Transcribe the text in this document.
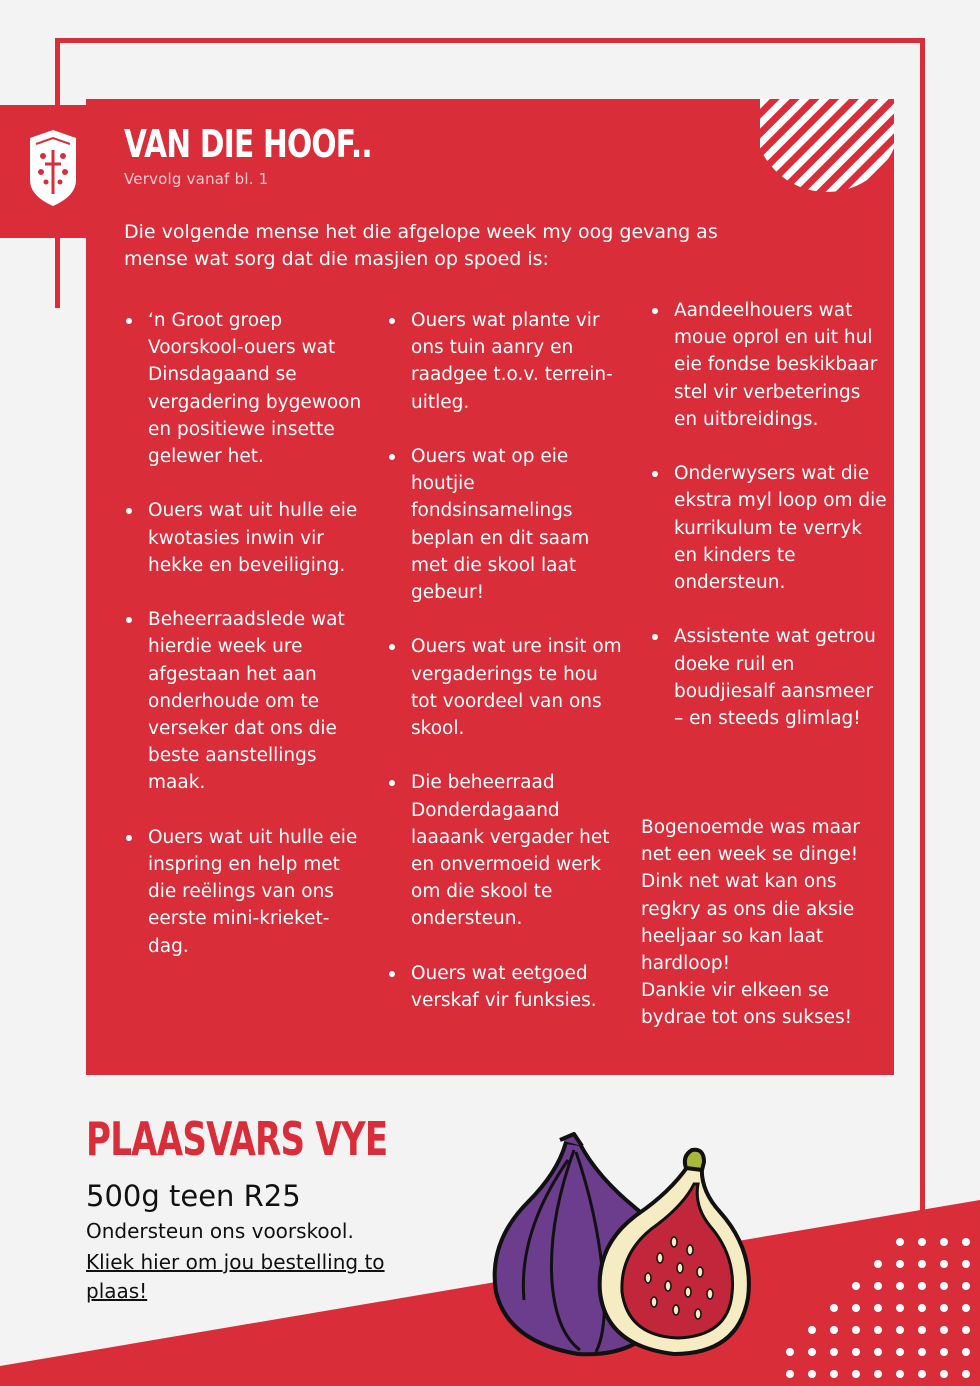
VAN DIE HOOF..
Vervolg vanaf bl. 1
Die volgende mense het die afgelope week my oog gevang as mense wat sorg dat die masjien op spoed is:
‘n Groot groep Voorskool-ouers wat Dinsdagaand se vergadering bygewoon en positiewe insette gelewer het.
Ouers wat uit hulle eie kwotasies inwin vir hekke en beveiliging.
Beheerraadslede wat hierdie week ure afgestaan het aan onderhoude om te verseker dat ons die beste aanstellings maak.
Ouers wat uit hulle eie inspring en help met die reëlings van ons eerste mini-krieket-dag.
Ouers wat plante vir ons tuin aanry en raadgee t.o.v. terrein-uitleg.
Ouers wat op eie houtjie fondsinsamelings beplan en dit saam met die skool laat gebeur!
Ouers wat ure insit om vergaderings te hou tot voordeel van ons skool.
Die beheerraad Donderdagaand laaaank vergader het en onvermoeid werk om die skool te ondersteun.
Ouers wat eetgoed verskaf vir funksies.
Aandeelhouers wat moue oprol en uit hul eie fondse beskikbaar stel vir verbeterings en uitbreidings.
Onderwysers wat die ekstra myl loop om die kurrikulum te verryk en kinders te ondersteun.
Assistente wat getrou doeke ruil en boudjiesalf aansmeer – en steeds glimlag!

Bogenoemde was maar net een week se dinge! Dink net wat kan ons regkry as ons die aksie heeljaar so kan laat hardloop!

Dankie vir elkeen se bydrae tot ons sukses!

PLAASVARS VYE
500g teen R25
Ondersteun ons voorskool.
Kliek hier om jou bestelling to plaas!
